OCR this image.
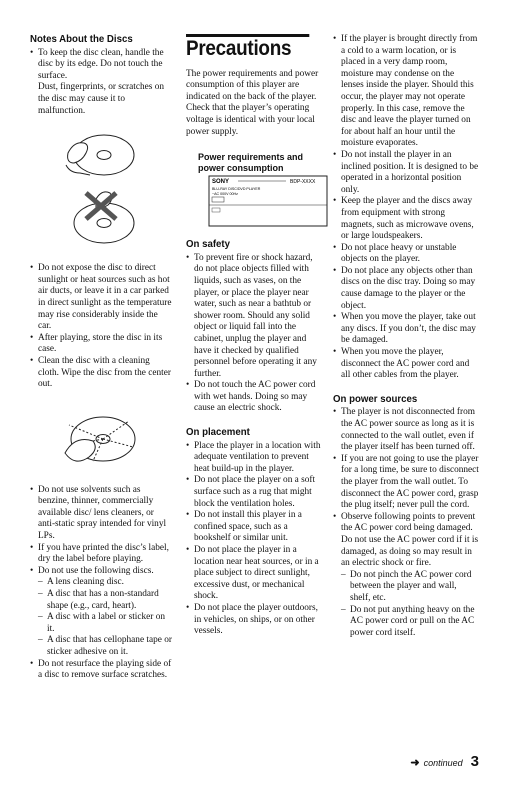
Notes About the Discs
• To keep the disc clean, handle the disc by its edge. Do not touch the surface.
Dust, fingerprints, or scratches on the disc may cause it to malfunction.
• Do not expose the disc to direct sunlight or heat sources such as hot air ducts, or leave it in a car parked in direct sunlight as the temperature may rise considerably inside the car.
• After playing, store the disc in its case.
• Clean the disc with a cleaning cloth. Wipe the disc from the center out.
• Do not use solvents such as benzine, thinner, commercially available disc/ lens cleaners, or anti-static spray intended for vinyl LPs.
• If you have printed the disc’s label, dry the label before playing.
• Do not use the following discs.
– A lens cleaning disc.
– A disc that has a non-standard shape (e.g., card, heart).
– A disc with a label or sticker on it.
– A disc that has cellophane tape or sticker adhesive on it.
• Do not resurface the playing side of a disc to remove surface scratches.
Precautions

The power requirements and power consumption of this player are indicated on the back of the player. Check that the player’s operating voltage is identical with your local power supply.

Power requirements and power consumption
SONY	BDP-XXXX
BLU-RAY DISC/DVD PLAYER
~AC 000V 00Hz
On safety
• To prevent fire or shock hazard, do not place objects filled with liquids, such as vases, on the player, or place the player near water, such as near a bathtub or shower room. Should any solid object or liquid fall into the cabinet, unplug the player and have it checked by qualified personnel before operating it any further.
• Do not touch the AC power cord with wet hands. Doing so may cause an electric shock.
On placement
• Place the player in a location with adequate ventilation to prevent heat build-up in the player.
• Do not place the player on a soft surface such as a rug that might block the ventilation holes.
• Do not install this player in a confined space, such as a bookshelf or similar unit.
• Do not place the player in a location near heat sources, or in a place subject to direct sunlight, excessive dust, or mechanical shock.
• Do not place the player outdoors, in vehicles, on ships, or on other vessels.
• If the player is brought directly from a cold to a warm location, or is placed in a very damp room, moisture may condense on the lenses inside the player. Should this occur, the player may not operate properly. In this case, remove the disc and leave the player turned on for about half an hour until the moisture evaporates.
• Do not install the player in an inclined position. It is designed to be operated in a horizontal position only.
• Keep the player and the discs away from equipment with strong magnets, such as microwave ovens, or large loudspeakers.
• Do not place heavy or unstable objects on the player.
• Do not place any objects other than discs on the disc tray. Doing so may cause damage to the player or the object.
• When you move the player, take out any discs. If you don’t, the disc may be damaged.
• When you move the player, disconnect the AC power cord and all other cables from the player.
On power sources
• The player is not disconnected from the AC power source as long as it is connected to the wall outlet, even if the player itself has been turned off.
• If you are not going to use the player for a long time, be sure to disconnect the player from the wall outlet. To disconnect the AC power cord, grasp the plug itself; never pull the cord.
• Observe following points to prevent the AC power cord being damaged. Do not use the AC power cord if it is damaged, as doing so may result in an electric shock or fire.
– Do not pinch the AC power cord between the player and wall, shelf, etc.
– Do not put anything heavy on the AC power cord or pull on the AC power cord itself.
➜ continued 3
